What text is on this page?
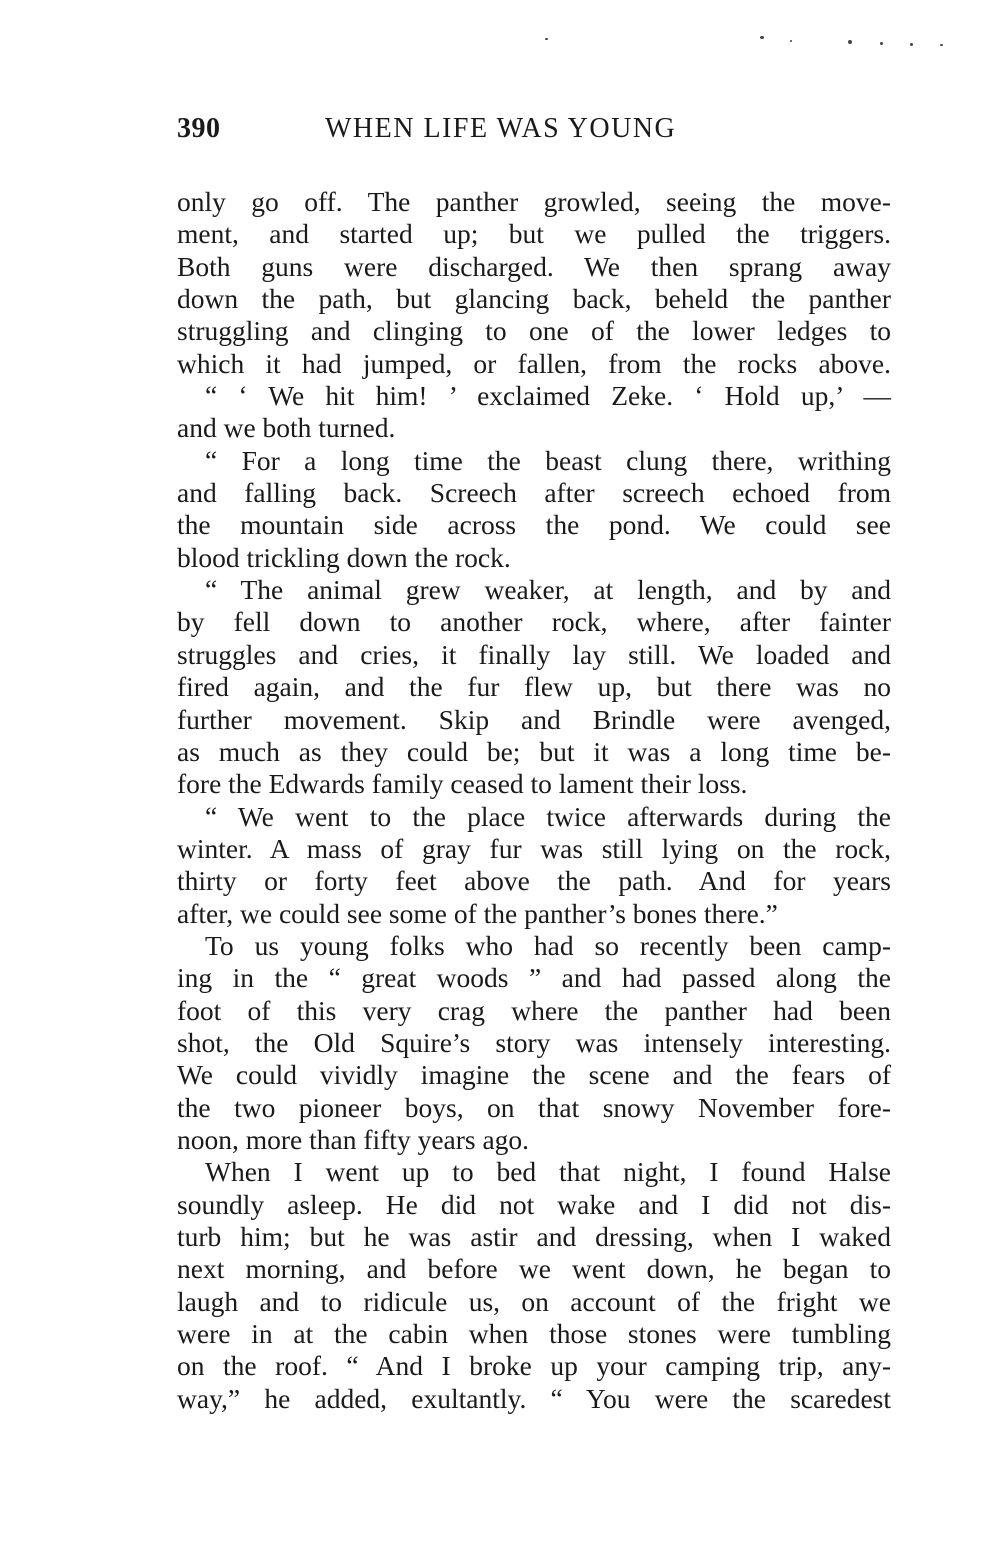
390	WHEN LIFE WAS YOUNG
only go off. The panther growled, seeing the move-
ment, and started up; but we pulled the triggers.
Both guns were discharged. We then sprang away
down the path, but glancing back, beheld the panther
struggling and clinging to one of the lower ledges to
which it had jumped, or fallen, from the rocks above.
“ ‘ We hit him! ’ exclaimed Zeke. ‘ Hold up,’ —
and we both turned.
“ For a long time the beast clung there, writhing
and falling back. Screech after screech echoed from
the mountain side across the pond. We could see
blood trickling down the rock.
“ The animal grew weaker, at length, and by and
by fell down to another rock, where, after fainter
struggles and cries, it finally lay still. We loaded and
fired again, and the fur flew up, but there was no
further movement. Skip and Brindle were avenged,
as much as they could be; but it was a long time be-
fore the Edwards family ceased to lament their loss.
“ We went to the place twice afterwards during the
winter. A mass of gray fur was still lying on the rock,
thirty or forty feet above the path. And for years
after, we could see some of the panther’s bones there.”
To us young folks who had so recently been camp-
ing in the “ great woods ” and had passed along the
foot of this very crag where the panther had been
shot, the Old Squire’s story was intensely interesting.
We could vividly imagine the scene and the fears of
the two pioneer boys, on that snowy November fore-
noon, more than fifty years ago.
When I went up to bed that night, I found Halse
soundly asleep. He did not wake and I did not dis-
turb him; but he was astir and dressing, when I waked
next morning, and before we went down, he began to
laugh and to ridicule us, on account of the fright we
were in at the cabin when those stones were tumbling
on the roof. “ And I broke up your camping trip, any-
way,” he added, exultantly. “ You were the scaredest
